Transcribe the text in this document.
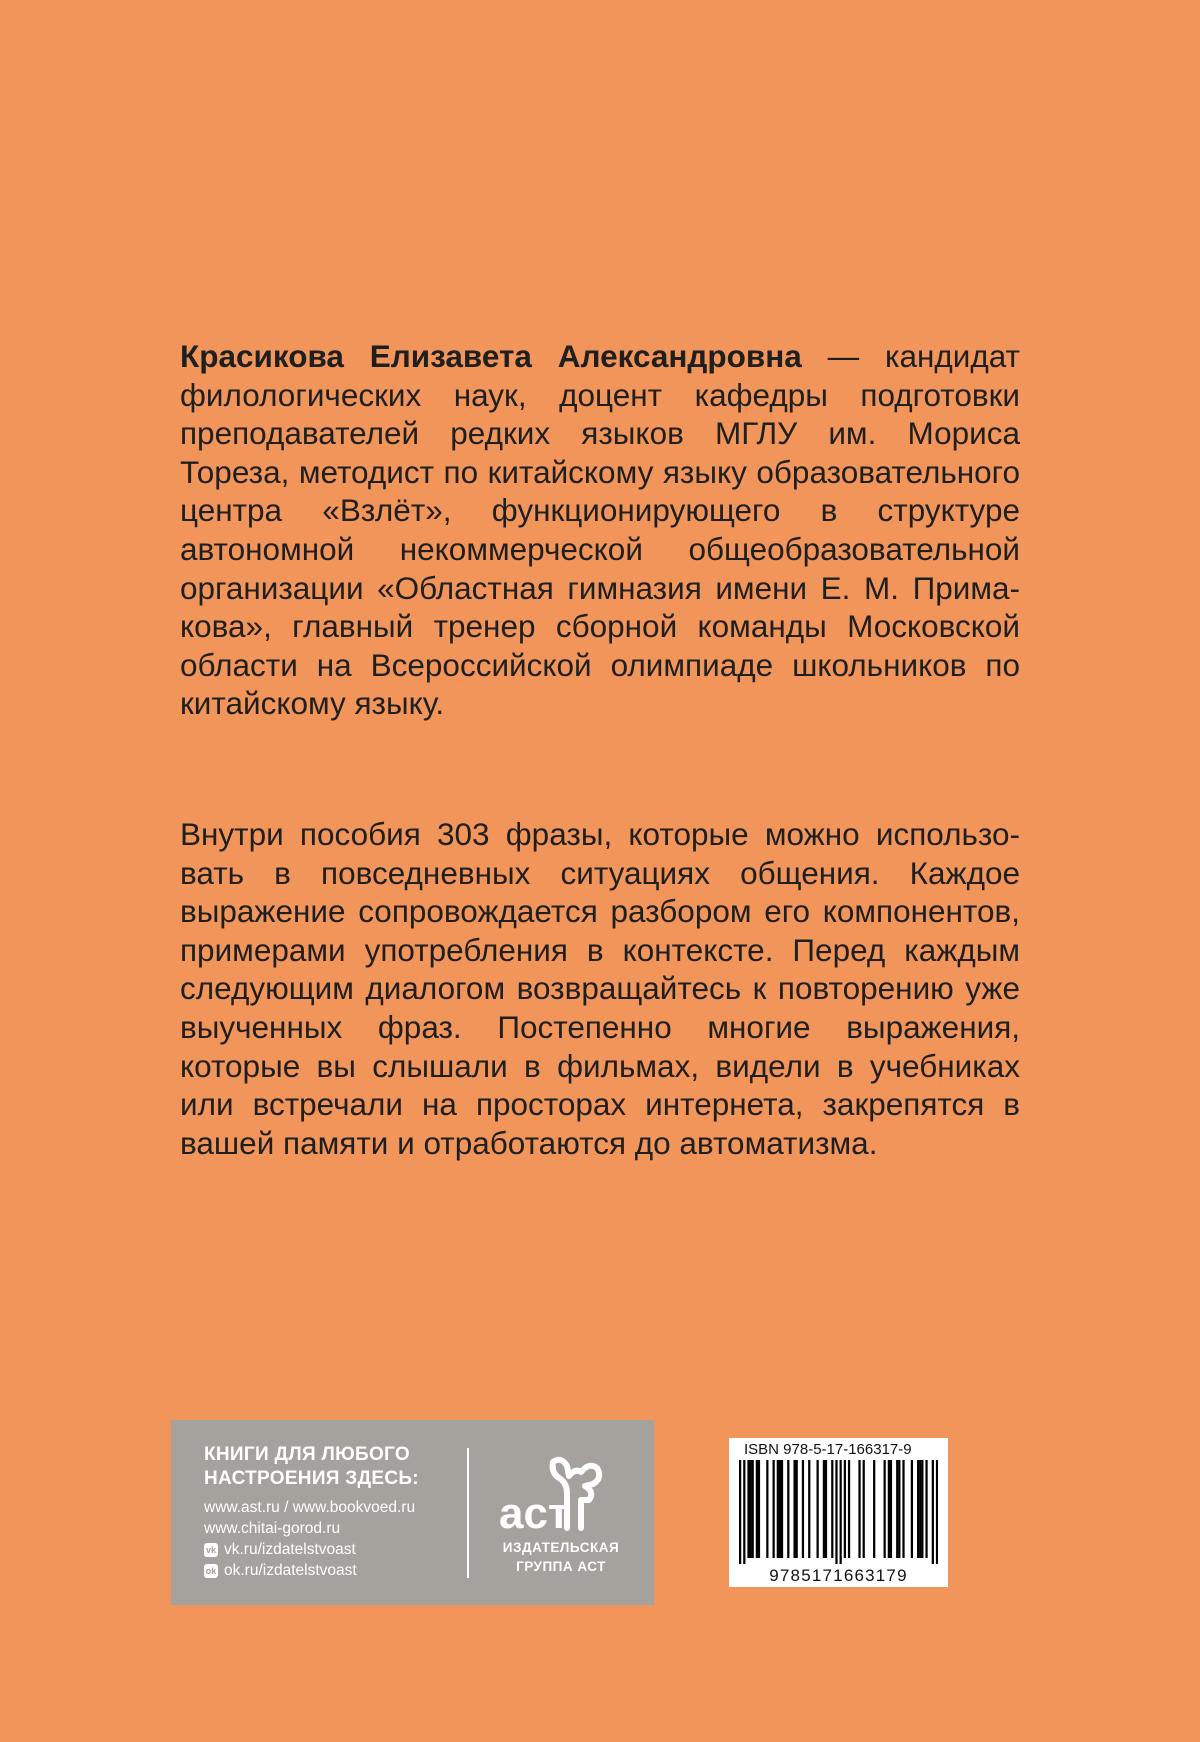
Красикова Елизавета Александровна — кандидат филологических наук, доцент кафедры подготовки преподавателей редких языков МГЛУ им. Мориса Тореза, методист по китайскому языку образовательного центра «Взлёт», функционирующего в структуре автономной некоммерческой общеобразовательной организации «Областная гимназия имени Е. М. Примакова», главный тренер сборной команды Московской области на Всероссийской олимпиаде школьников по китайскому языку.
Внутри пособия 303 фразы, которые можно использовать в повседневных ситуациях общения. Каждое выражение сопровождается разбором его компонентов, примерами употребления в контексте. Перед каждым следующим диалогом возвращайтесь к повторению уже выученных фраз. Постепенно многие выражения, которые вы слышали в фильмах, видели в учебниках или встречали на просторах интернета, закрепятся в вашей памяти и отработаются до автоматизма.
КНИГИ ДЛЯ ЛЮБОГО
НАСТРОЕНИЯ ЗДЕСЬ:
www.ast.ru / www.bookvoed.ru
www.chitai-gorod.ru
vk vk.ru/izdatelstvoast
ok ok.ru/izdatelstvoast
аст
ИЗДАТЕЛЬСКАЯ
ГРУППА АСТ
ISBN 978-5-17-166317-9
9785171663179
